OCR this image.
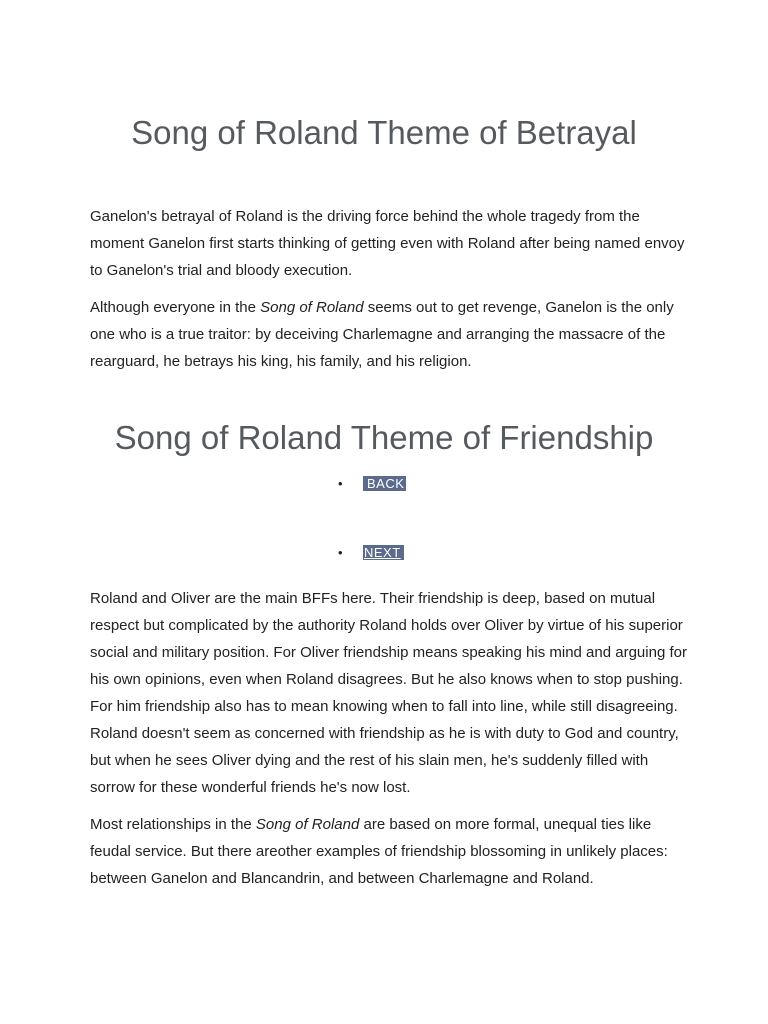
Song of Roland Theme of Betrayal

Ganelon's betrayal of Roland is the driving force behind the whole tragedy from the moment Ganelon first starts thinking of getting even with Roland after being named envoy to Ganelon's trial and bloody execution.

Although everyone in the Song of Roland seems out to get revenge, Ganelon is the only one who is a true traitor: by deceiving Charlemagne and arranging the massacre of the rearguard, he betrays his king, his family, and his religion.

Song of Roland Theme of Friendship
• BACK
• NEXT

Roland and Oliver are the main BFFs here. Their friendship is deep, based on mutual respect but complicated by the authority Roland holds over Oliver by virtue of his superior social and military position. For Oliver friendship means speaking his mind and arguing for his own opinions, even when Roland disagrees. But he also knows when to stop pushing. For him friendship also has to mean knowing when to fall into line, while still disagreeing. Roland doesn't seem as concerned with friendship as he is with duty to God and country, but when he sees Oliver dying and the rest of his slain men, he's suddenly filled with sorrow for these wonderful friends he's now lost.

Most relationships in the Song of Roland are based on more formal, unequal ties like feudal service. But there areother examples of friendship blossoming in unlikely places: between Ganelon and Blancandrin, and between Charlemagne and Roland.
